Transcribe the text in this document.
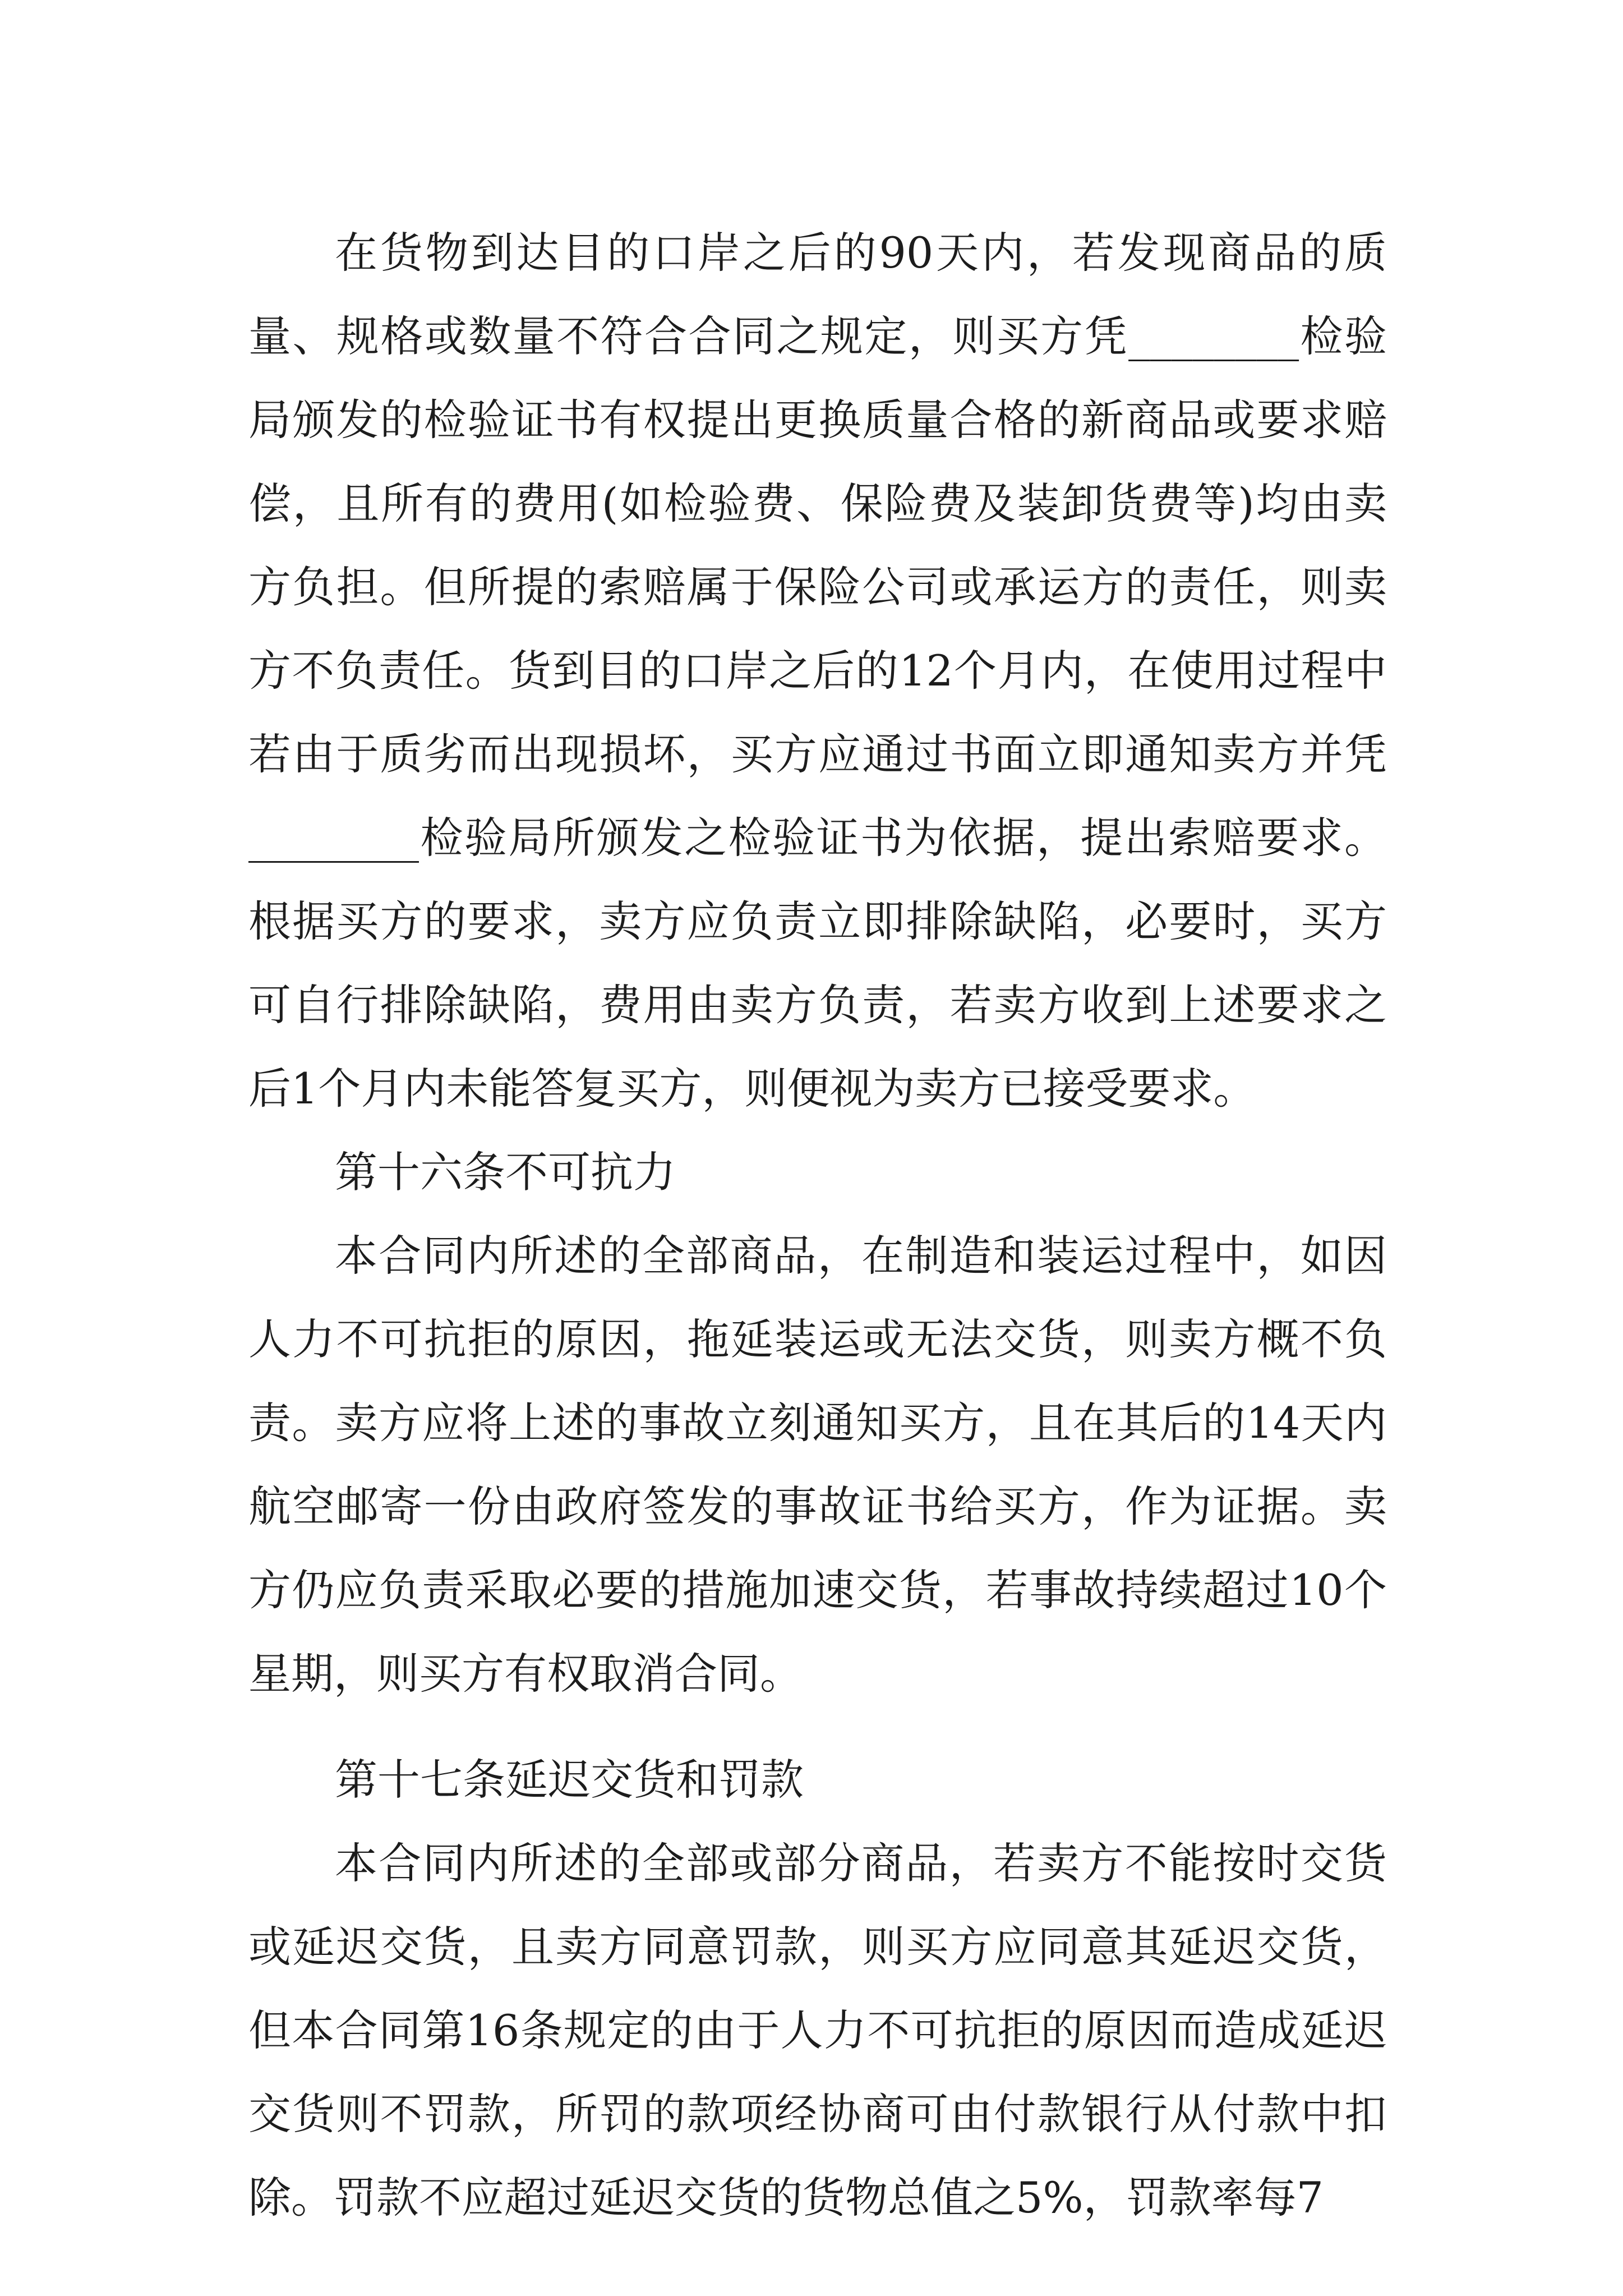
在货物到达目的口岸之后的90天内，若发现商品的质量、规格或数量不符合合同之规定，则买方凭________检验局颁发的检验证书有权提出更换质量合格的新商品或要求赔偿，且所有的费用(如检验费、保险费及装卸货费等)均由卖方负担。但所提的索赔属于保险公司或承运方的责任，则卖方不负责任。货到目的口岸之后的12个月内，在使用过程中若由于质劣而出现损坏，买方应通过书面立即通知卖方并凭________检验局所颁发之检验证书为依据，提出索赔要求。根据买方的要求，卖方应负责立即排除缺陷，必要时，买方可自行排除缺陷，费用由卖方负责，若卖方收到上述要求之后1个月内未能答复买方，则便视为卖方已接受要求。

第十六条不可抗力

本合同内所述的全部商品，在制造和装运过程中，如因人力不可抗拒的原因，拖延装运或无法交货，则卖方概不负责。卖方应将上述的事故立刻通知买方，且在其后的14天内航空邮寄一份由政府签发的事故证书给买方，作为证据。卖方仍应负责采取必要的措施加速交货，若事故持续超过10个星期，则买方有权取消合同。

第十七条延迟交货和罚款

本合同内所述的全部或部分商品，若卖方不能按时交货或延迟交货，且卖方同意罚款，则买方应同意其延迟交货，但本合同第16条规定的由于人力不可抗拒的原因而造成延迟交货则不罚款，所罚的款项经协商可由付款银行从付款中扣除。罚款不应超过延迟交货的货物总值之5%，罚款率每7
